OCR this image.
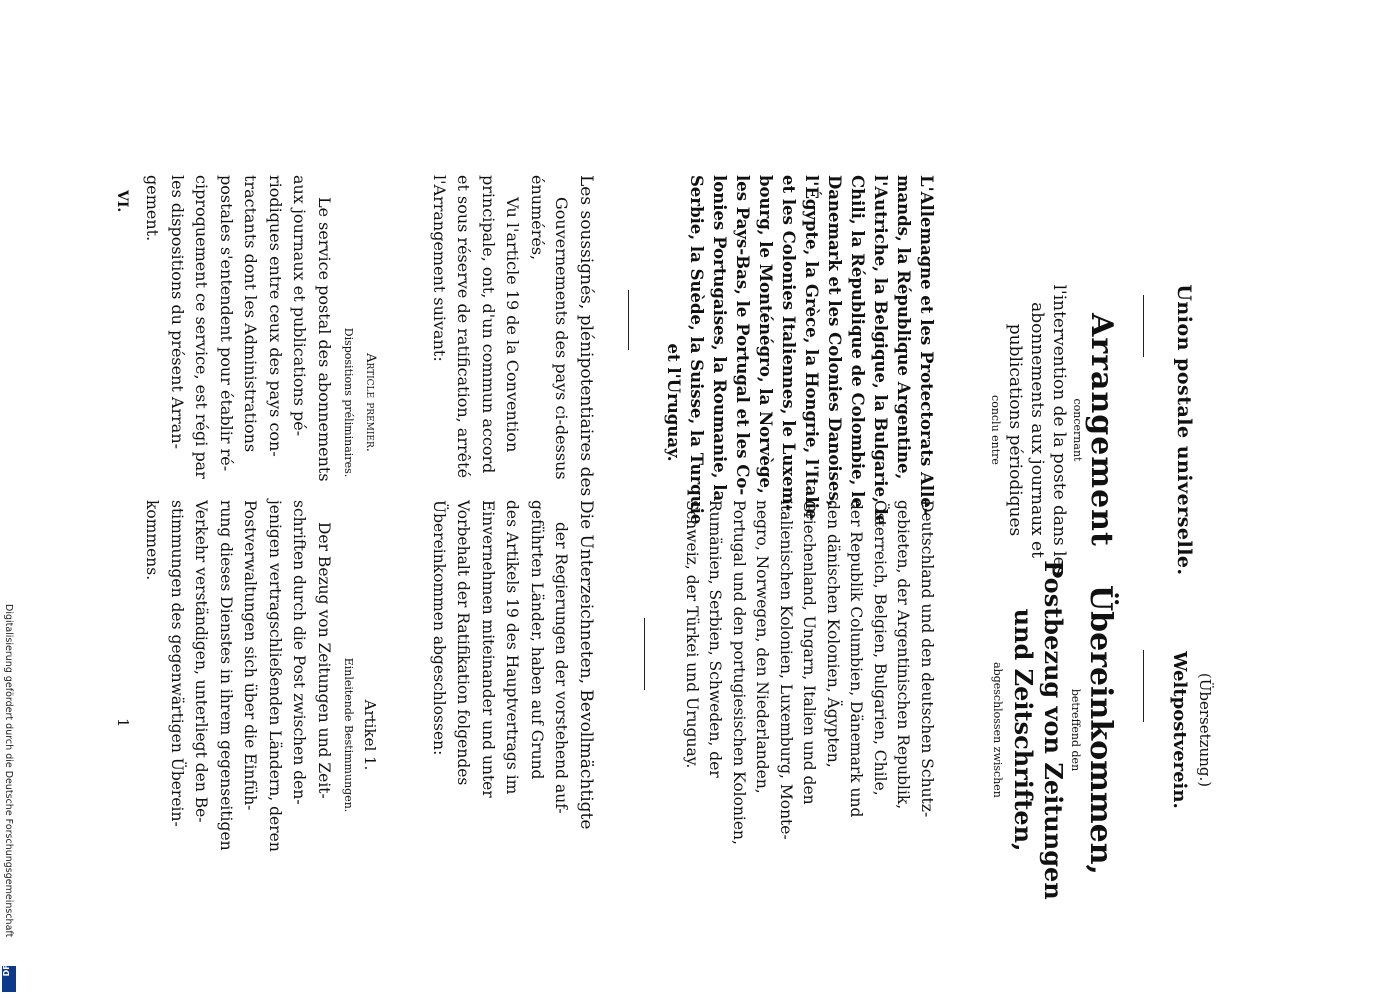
Union postale universelle.
Arrangement
concernant
l'intervention de la poste dans les
abonnements aux journaux et
publications périodiques
conclu entre
L'Allemagne et les Protectorats Alle-
mands, la République Argentine,
l'Autriche, la Belgique, la Bulgarie, le
Chili, la République de Colombie, le
Danemark et les Colonies Danoises,
l'Égypte, la Grèce, la Hongrie, l'Italie
et les Colonies Italiennes, le Luxem-
bourg, le Monténégro, la Norvège,
les Pays-Bas, le Portugal et les Co-
lonies Portugaises, la Roumanie, la
Serbie, la Suède, la Suisse, la Turquie
et l'Uruguay.
Les soussignés, plénipotentiaires des
Gouvernements des pays ci-dessus
énumérés,
Vu l'article 19 de la Convention
principale, ont, d'un commun accord
et sous réserve de ratification, arrêté
l'Arrangement suivant:
Article premier.
Dispositions préliminaires.
Le service postal des abonnements
aux journaux et publications pé-
riodiques entre ceux des pays con-
tractants dont les Administrations
postales s'entendent pour établir ré-
ciproquement ce service, est régi par
les dispositions du présent Arran-
gement.
VI.
(Übersetzung.)
Weltpostverein.
Übereinkommen,
betreffend den
Postbezug von Zeitungen
und Zeitschriften,
abgeschlossen zwischen
Deutschland und den deutschen Schutz-
gebieten, der Argentinischen Republik,
Österreich, Belgien, Bulgarien, Chile,
der Republik Columbien, Dänemark und
den dänischen Kolonien, Ägypten,
Griechenland, Ungarn, Italien und den
italienischen Kolonien, Luxemburg, Monte-
negro, Norwegen, den Niederlanden,
Portugal und den portugiesischen Kolonien,
Rumänien, Serbien, Schweden, der
Schweiz, der Türkei und Uruguay.
Die Unterzeichneten, Bevollmächtigte
der Regierungen der vorstehend auf-
geführten Länder, haben auf Grund
des Artikels 19 des Hauptvertrags im
Einvernehmen miteinander und unter
Vorbehalt der Ratifikation folgendes
Übereinkommen abgeschlossen:
Artikel 1.
Einleitende Bestimmungen.
Der Bezug von Zeitungen und Zeit-
schriften durch die Post zwischen den-
jenigen vertragschließenden Ländern, deren
Postverwaltungen sich über die Einfüh-
rung dieses Dienstes in ihrem gegenseitigen
Verkehr verständigen, unterliegt den Be-
stimmungen des gegenwärtigen Überein-
kommens.
1
Digitalisierung gefördert durch die Deutsche Forschungsgemeinschaft
DFG
